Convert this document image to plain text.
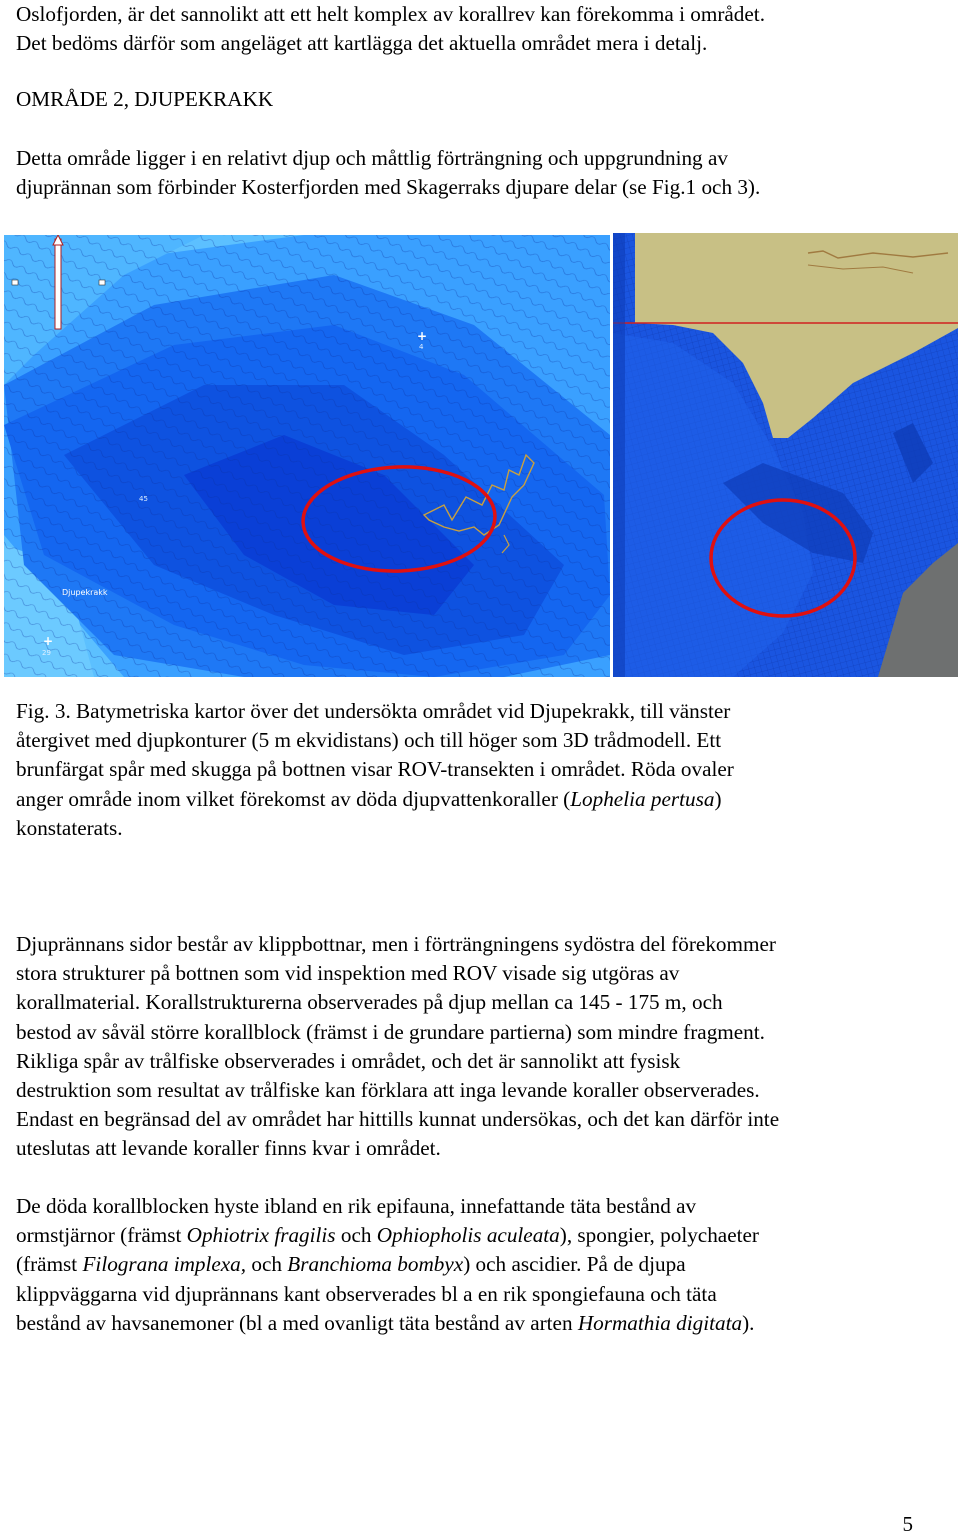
Oslofjorden, är det sannolikt att ett helt komplex av korallrev kan förekomma i området.
Det bedöms därför som angeläget att kartlägga det aktuella området mera i detalj.
OMRÅDE 2, DJUPEKRAKK
Detta område ligger i en relativt djup och måttlig förträngning och uppgrundning av
djuprännan som förbinder Kosterfjorden med Skagerraks djupare delar (se Fig.1 och 3).
+
4
45
Djupekrakk
+
29
Fig. 3. Batymetriska kartor över det undersökta området vid Djupekrakk, till vänster
återgivet med djupkonturer (5 m ekvidistans) och till höger som 3D trådmodell. Ett
brunfärgat spår med skugga på bottnen visar ROV-transekten i området. Röda ovaler
anger område inom vilket förekomst av döda djupvattenkoraller (Lophelia pertusa)
konstaterats.
Djuprännans sidor består av klippbottnar, men i förträngningens sydöstra del förekommer
stora strukturer på bottnen som vid inspektion med ROV visade sig utgöras av
korallmaterial. Korallstrukturerna observerades på djup mellan ca 145 - 175 m, och
bestod av såväl större korallblock (främst i de grundare partierna) som mindre fragment.
Rikliga spår av trålfiske observerades i området, och det är sannolikt att fysisk
destruktion som resultat av trålfiske kan förklara att inga levande koraller observerades.
Endast en begränsad del av området har hittills kunnat undersökas, och det kan därför inte
uteslutas att levande koraller finns kvar i området.
De döda korallblocken hyste ibland en rik epifauna, innefattande täta bestånd av
ormstjärnor (främst Ophiotrix fragilis och Ophiopholis aculeata), spongier, polychaeter
(främst Filograna implexa, och Branchioma bombyx) och ascidier. På de djupa
klippväggarna vid djuprännans kant observerades bl a en rik spongiefauna och täta
bestånd av havsanemoner (bl a med ovanligt täta bestånd av arten Hormathia digitata).
5
